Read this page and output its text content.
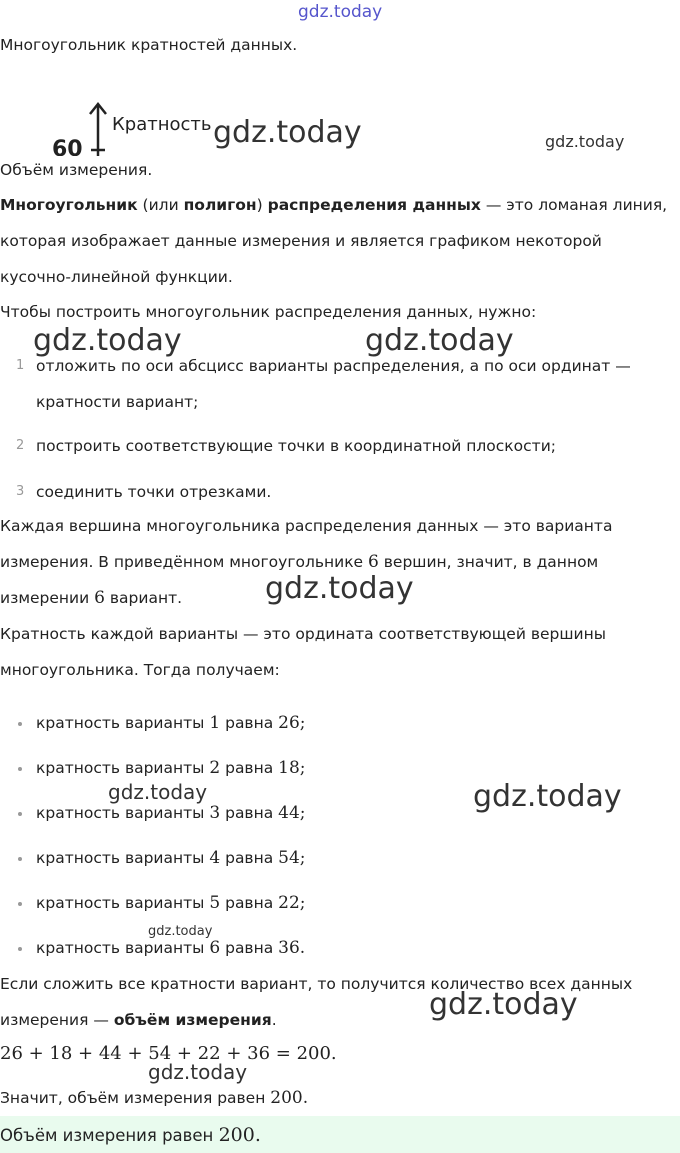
gdz.today
gdz.today	gdz.today
gdz.today	gdz.today
gdz.today
gdz.today	gdz.today
gdz.today
gdz.today
gdz.today

Многоугольник кратностей данных.

Кратность
60

Объём измерения.

Многоугольник (или полигон) распределения данных — это ломаная линия,

которая изображает данные измерения и является графиком некоторой

кусочно-линейной функции.

Чтобы построить многоугольник распределения данных, нужно:

1 отложить по оси абсцисс варианты распределения, а по оси ординат —
кратности вариант;
2 построить соответствующие точки в координатной плоскости;
3 соединить точки отрезками.

Каждая вершина многоугольника распределения данных — это варианта

измерения. В приведённом многоугольнике 6 вершин, значит, в данном

измерении 6 вариант.

Кратность каждой варианты — это ордината соответствующей вершины

многоугольника. Тогда получаем:

кратность варианты 1 равна 26;
кратность варианты 2 равна 18;
кратность варианты 3 равна 44;
кратность варианты 4 равна 54;
кратность варианты 5 равна 22;
кратность варианты 6 равна 36.

Если сложить все кратности вариант, то получится количество всех данных

измерения — объём измерения.

26 + 18 + 44 + 54 + 22 + 36 = 200.

Значит, объём измерения равен 200.

Объём измерения равен 200.
